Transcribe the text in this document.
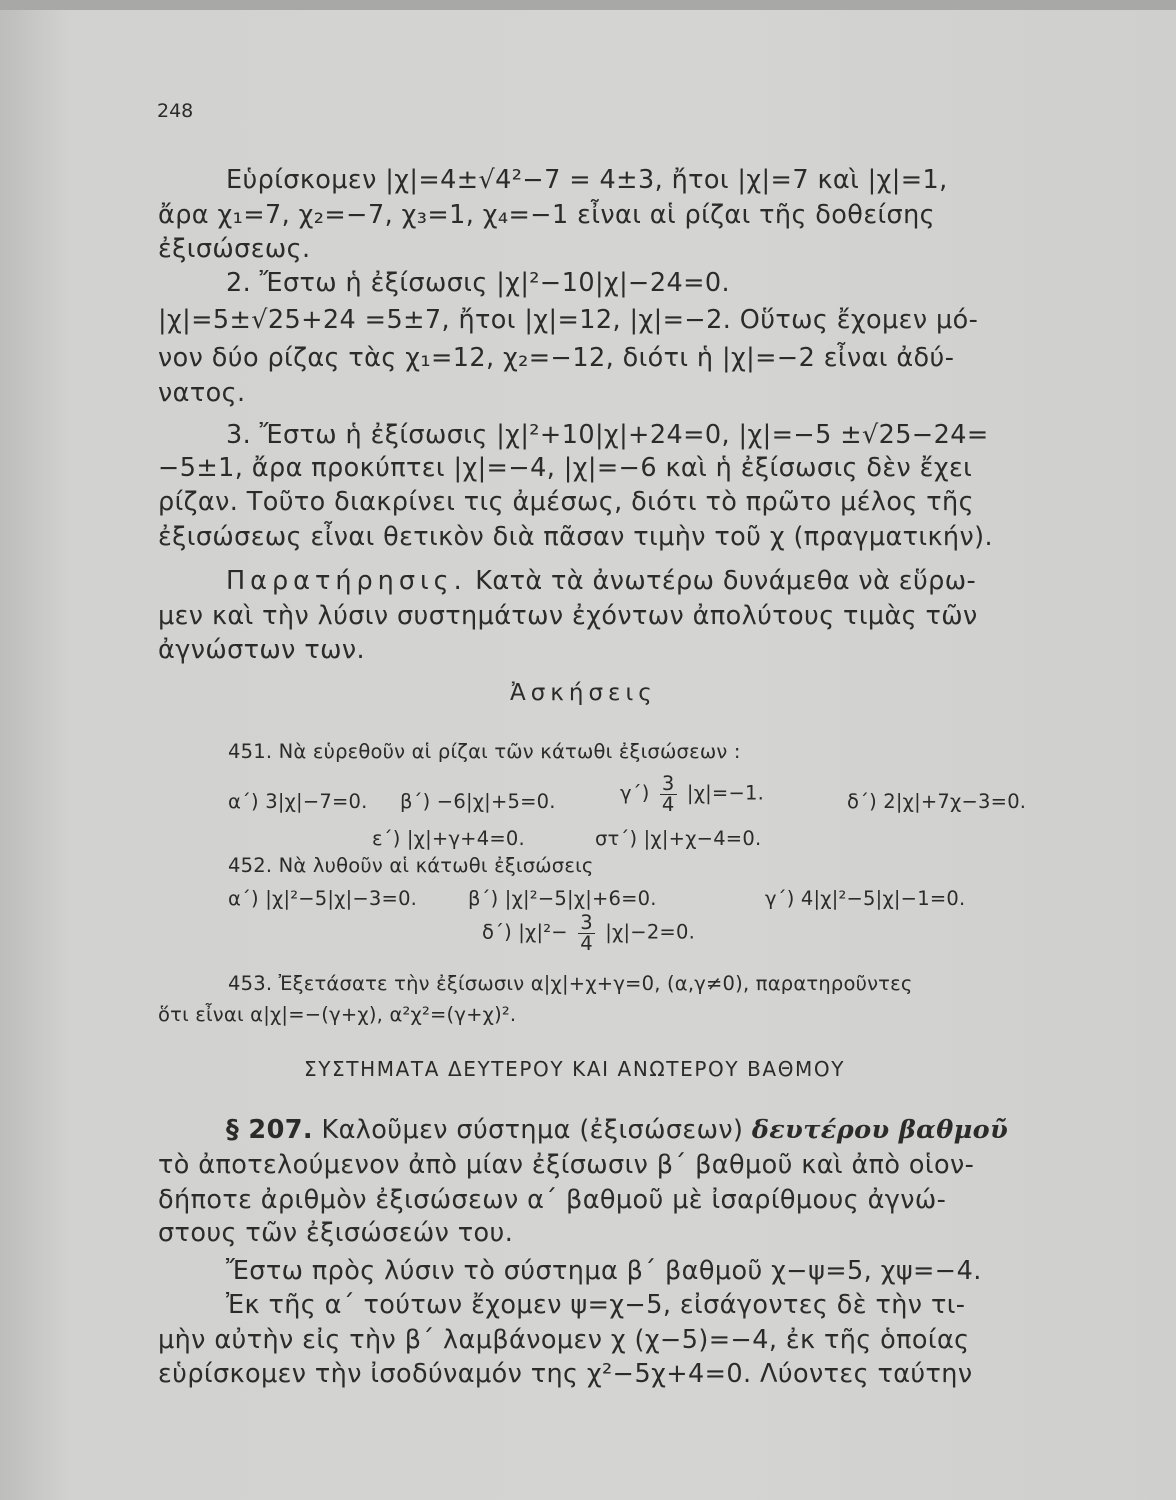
248
Εὑρίσκομεν |χ|=4±√4²−7 = 4±3, ἤτοι |χ|=7 καὶ |χ|=1,
ἄρα χ₁=7, χ₂=−7, χ₃=1, χ₄=−1 εἶναι αἱ ρίζαι τῆς δοθείσης
ἐξισώσεως.
2. Ἔστω ἡ ἐξίσωσις |χ|²−10|χ|−24=0.
|χ|=5±√25+24 =5±7, ἤτοι |χ|=12, |χ|=−2. Οὕτως ἔχομεν μό-
νον δύο ρίζας τὰς χ₁=12, χ₂=−12, διότι ἡ |χ|=−2 εἶναι ἀδύ-
νατος.
3. Ἔστω ἡ ἐξίσωσις |χ|²+10|χ|+24=0, |χ|=−5 ±√25−24=
−5±1, ἄρα προκύπτει |χ|=−4, |χ|=−6 καὶ ἡ ἐξίσωσις δὲν ἔχει
ρίζαν. Τοῦτο διακρίνει τις ἀμέσως, διότι τὸ πρῶτο μέλος τῆς
ἐξισώσεως εἶναι θετικὸν διὰ πᾶσαν τιμὴν τοῦ χ (πραγματικήν).
Παρατήρησις. Κατὰ τὰ ἀνωτέρω δυνάμεθα νὰ εὕρω-
μεν καὶ τὴν λύσιν συστημάτων ἐχόντων ἀπολύτους τιμὰς τῶν
ἀγνώστων των.
Ἀσκήσεις
451. Νὰ εὑρεθοῦν αἱ ρίζαι τῶν κάτωθι ἐξισώσεων :
α΄) 3|χ|−7=0. β΄) −6|χ|+5=0.	$\gamma΄) \frac{3}{4} |\chi|=-1$.	δ΄) 2|χ|+7χ−3=0.
ε΄) |χ|+γ+4=0.	στ΄) |χ|+χ−4=0.
452. Νὰ λυθοῦν αἱ κάτωθι ἐξισώσεις
α΄) |χ|²−5|χ|−3=0.	β΄) |χ|²−5|χ|+6=0.	γ΄) 4|χ|²−5|χ|−1=0.
δ΄) $|\chi|^2- \frac{3}{4} |\chi|-2=0$.
453. Ἐξετάσατε τὴν ἐξίσωσιν α|χ|+χ+γ=0, (α,γ≠0), παρατηροῦντες
ὅτι εἶναι α|χ|=−(γ+χ), α²χ²=(γ+χ)².
ΣΥΣΤΗΜΑΤΑ ΔΕΥΤΕΡΟΥ ΚΑΙ ΑΝΩΤΕΡΟΥ ΒΑΘΜΟΥ
§ 207. Καλοῦμεν σύστημα (ἐξισώσεων) δευτέρου βαθμοῦ
τὸ ἀποτελούμενον ἀπὸ μίαν ἐξίσωσιν β΄ βαθμοῦ καὶ ἀπὸ οἱον-
δήποτε ἀριθμὸν ἐξισώσεων α΄ βαθμοῦ μὲ ἰσαρίθμους ἀγνώ-
στους τῶν ἐξισώσεών του.
Ἔστω πρὸς λύσιν τὸ σύστημα β΄ βαθμοῦ χ−ψ=5, χψ=−4.
Ἐκ τῆς α΄ τούτων ἔχομεν ψ=χ−5, εἰσάγοντες δὲ τὴν τι-
μὴν αὐτὴν εἰς τὴν β΄ λαμβάνομεν χ (χ−5)=−4, ἐκ τῆς ὁποίας
εὑρίσκομεν τὴν ἰσοδύναμόν της χ²−5χ+4=0. Λύοντες ταύτην
